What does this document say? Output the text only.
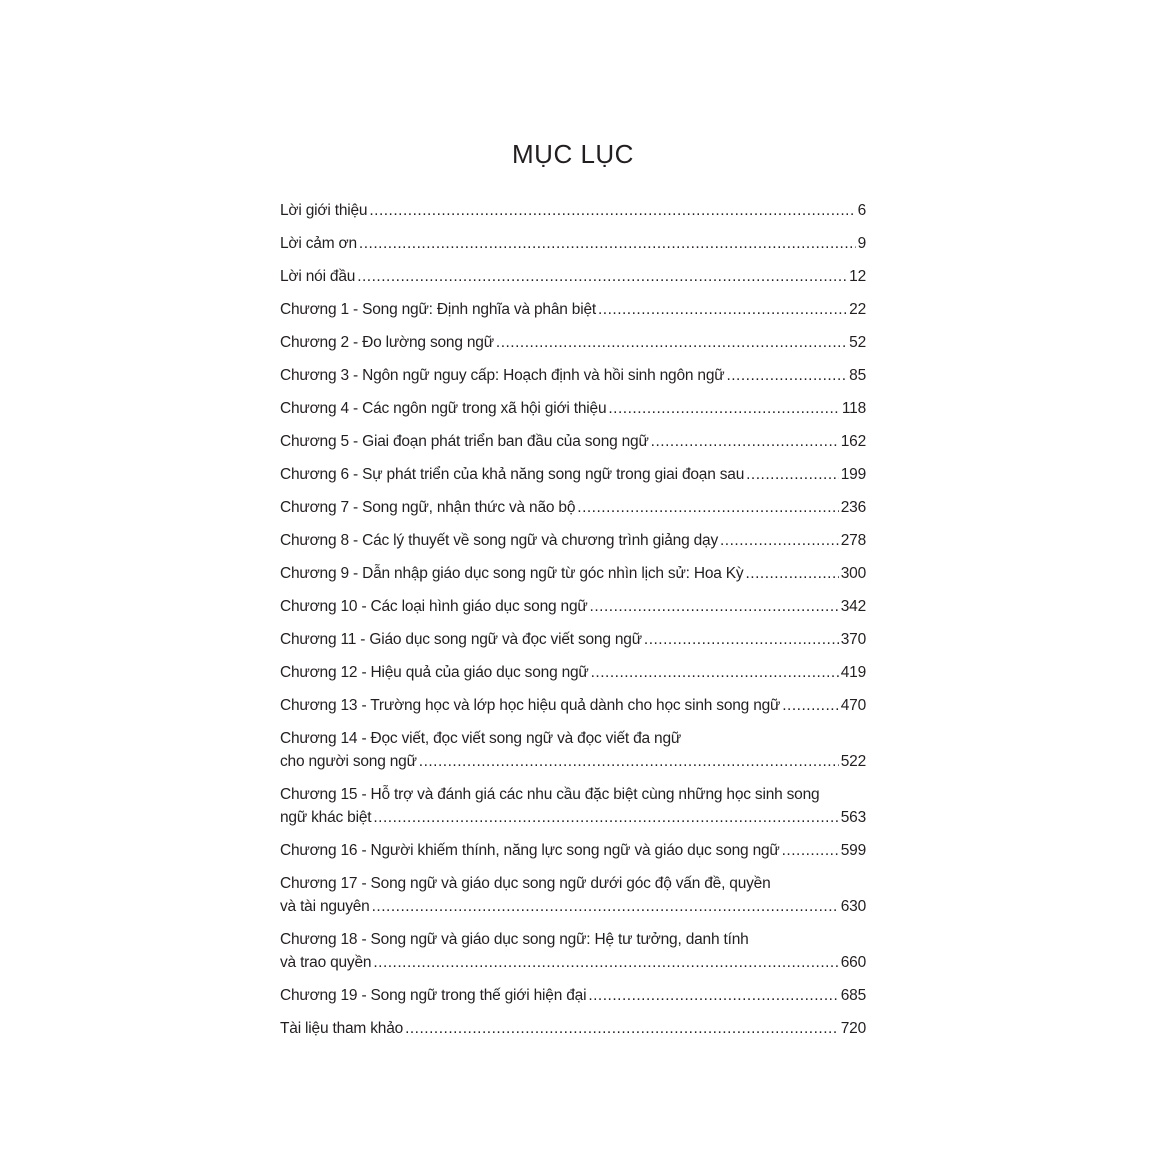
MỤC LỤC
Lời giới thiệu .....	6
Lời cảm ơn .....	9
Lời nói đầu .....	12
Chương 1 - Song ngữ: Định nghĩa và phân biệt .....	22
Chương 2 - Đo lường song ngữ .....	52
Chương 3 - Ngôn ngữ nguy cấp: Hoạch định và hồi sinh ngôn ngữ .....	85
Chương 4 - Các ngôn ngữ trong xã hội giới thiệu .....	118
Chương 5 - Giai đoạn phát triển ban đầu của song ngữ .....	162
Chương 6 - Sự phát triển của khả năng song ngữ trong giai đoạn sau .....	199
Chương 7 - Song ngữ, nhận thức và não bộ .....	236
Chương 8 - Các lý thuyết về song ngữ và chương trình giảng dạy .....	278
Chương 9 - Dẫn nhập giáo dục song ngữ từ góc nhìn lịch sử: Hoa Kỳ .....	300
Chương 10 - Các loại hình giáo dục song ngữ .....	342
Chương 11 - Giáo dục song ngữ và đọc viết song ngữ .....	370
Chương 12 - Hiệu quả của giáo dục song ngữ .....	419
Chương 13 - Trường học và lớp học hiệu quả dành cho học sinh song ngữ .....	470
Chương 14 - Đọc viết, đọc viết song ngữ và đọc viết đa ngữ
cho người song ngữ .....	522
Chương 15 - Hỗ trợ và đánh giá các nhu cầu đặc biệt cùng những học sinh song
ngữ khác biệt .....	563
Chương 16 - Người khiếm thính, năng lực song ngữ và giáo dục song ngữ .....	599
Chương 17 - Song ngữ và giáo dục song ngữ dưới góc độ vấn đề, quyền
và tài nguyên .....	630
Chương 18 - Song ngữ và giáo dục song ngữ: Hệ tư tưởng, danh tính
và trao quyền .....	660
Chương 19 - Song ngữ trong thế giới hiện đại .....	685
Tài liệu tham khảo .....	720
